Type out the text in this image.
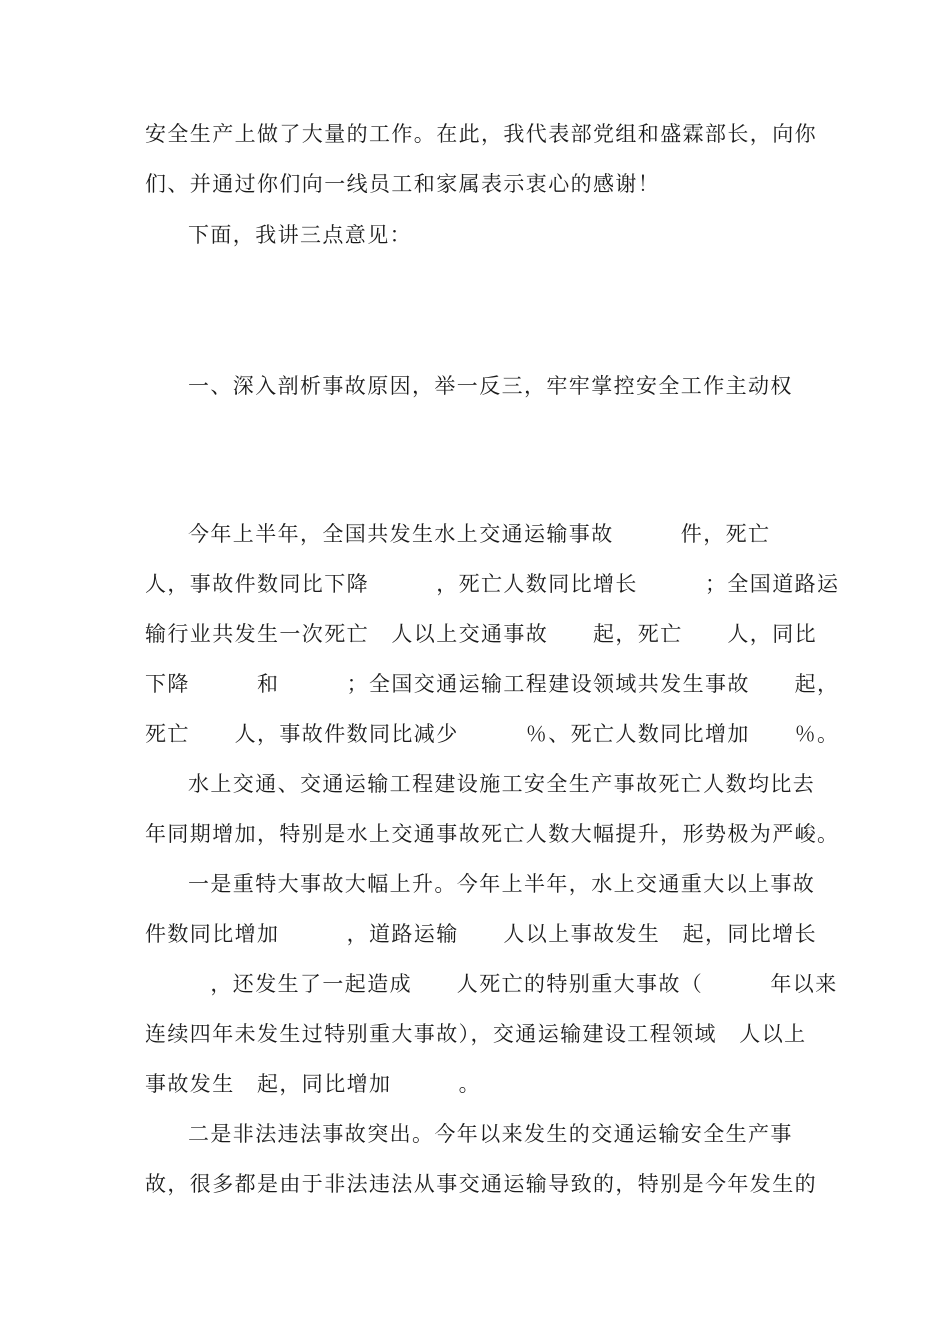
安全生产上做了大量的工作。在此，我代表部党组和盛霖部长，向你
们、并通过你们向一线员工和家属表示衷心的感谢！
下面，我讲三点意见：
一、深入剖析事故原因，举一反三，牢牢掌控安全工作主动权
今年上半年，全国共发生水上交通运输事故　　　件，死亡
人，事故件数同比下降　　　，死亡人数同比增长　　　；全国道路运
输行业共发生一次死亡　人以上交通事故　　起，死亡　　人，同比
下降　　　和　　　；全国交通运输工程建设领域共发生事故　　起，
死亡　　人，事故件数同比减少　　　％、死亡人数同比增加　　％。
水上交通、交通运输工程建设施工安全生产事故死亡人数均比去
年同期增加，特别是水上交通事故死亡人数大幅提升，形势极为严峻。
一是重特大事故大幅上升。今年上半年，水上交通重大以上事故
件数同比增加　　　，道路运输　　人以上事故发生　起，同比增长
　，还发生了一起造成　　人死亡的特别重大事故（　　　年以来
连续四年未发生过特别重大事故），交通运输建设工程领域　人以上
事故发生　起，同比增加　　　。
二是非法违法事故突出。今年以来发生的交通运输安全生产事
故，很多都是由于非法违法从事交通运输导致的，特别是今年发生的
